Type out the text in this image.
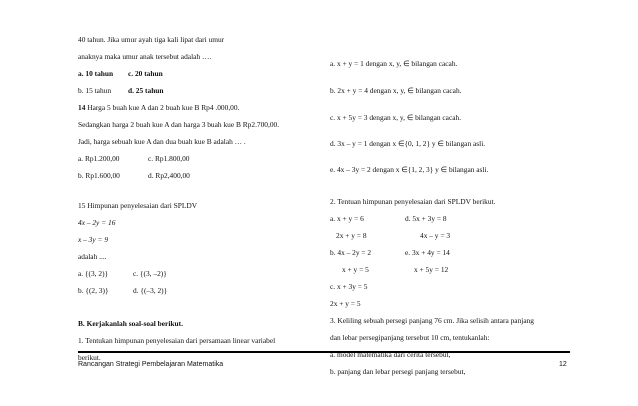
40 tahun. Jika umur ayah tiga kali lipat dari umur
anaknya maka umur anak tersebut adalah ….
a. 10 tahun c. 20 tahun
b. 15 tahun d. 25 tahun
14 Harga 5 buah kue A dan 2 buah kue B Rp4 .000,00.
Sedangkan harga 2 buah kue A dan harga 3 buah kue B Rp2.700,00.
Jadi, harga sebuah kue A dan dua buah kue B adalah … .
a. Rp1.200,00	c. Rp1.800,00
b. Rp1.600,00	d. Rp2,400,00
15 Himpunan penyelesaian dari SPLDV
4x – 2y = 16
x – 3y = 9
adalah ....
a. {(3, 2)}	c. {(3, –2)}
b. {(2, 3)}	d. {(–3, 2)}
B. Kerjakanlah soal-soal berikut.
1. Tentukan himpunan penyelesaian dari persamaan linear variabel
berikut.
a. x + y = 1 dengan x, y, ∈ bilangan cacah.
b. 2x + y = 4 dengan x, y, ∈ bilangan cacah.
c. x + 5y = 3 dengan x, y, ∈ bilangan cacah.
d. 3x – y = 1 dengan x ∈{0, 1, 2} y ∈ bilangan asli.
e. 4x – 3y = 2 dengan x ∈{1, 2, 3} y ∈ bilangan asli.
2. Tentuan himpunan penyelesaian dari SPLDV berikut.
a. x + y = 6	d. 5x + 3y = 8
2x + y = 8	4x – y = 3
b. 4x – 2y = 2	e. 3x + 4y = 14
x + y = 5	x + 5y = 12
c. x + 3y = 5
2x + y = 5
3. Keliling sebuah persegi panjang 76 cm. Jika selisih antara panjang
dan lebar persegipanjang tersebut 10 cm, tentukanlah:
a. model matematika dari cerita tersebut,
b. panjang dan lebar persegi panjang tersebut,
Rancangan Strategi Pembelajaran Matematika	12
